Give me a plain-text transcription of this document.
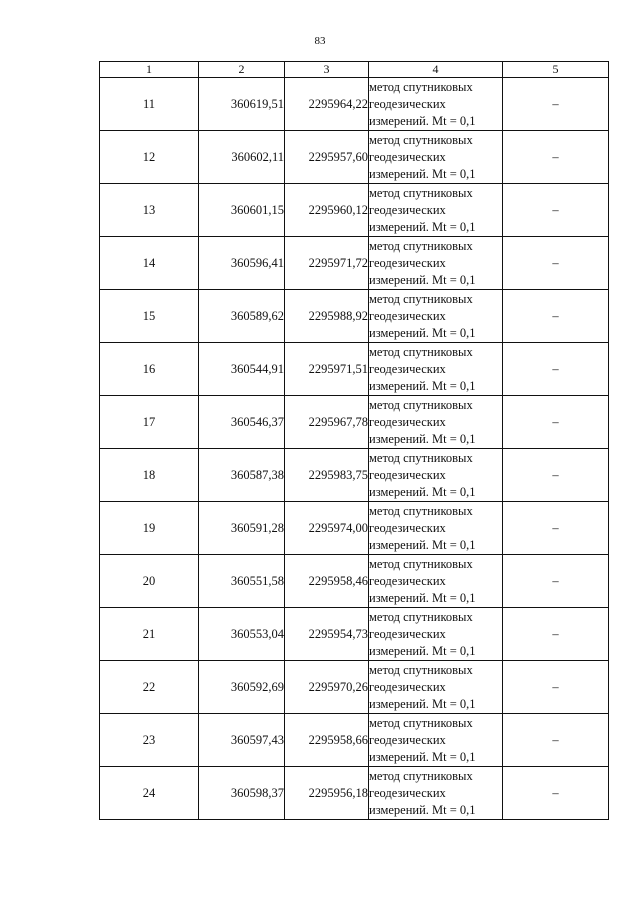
83
1	2	3	4	5
11	360619,51	2295964,22	метод спутниковых
геодезических
измерений. Mt = 0,1	–
12	360602,11	2295957,60	метод спутниковых
геодезических
измерений. Mt = 0,1	–
13	360601,15	2295960,12	метод спутниковых
геодезических
измерений. Mt = 0,1	–
14	360596,41	2295971,72	метод спутниковых
геодезических
измерений. Mt = 0,1	–
15	360589,62	2295988,92	метод спутниковых
геодезических
измерений. Mt = 0,1	–
16	360544,91	2295971,51	метод спутниковых
геодезических
измерений. Mt = 0,1	–
17	360546,37	2295967,78	метод спутниковых
геодезических
измерений. Mt = 0,1	–
18	360587,38	2295983,75	метод спутниковых
геодезических
измерений. Mt = 0,1	–
19	360591,28	2295974,00	метод спутниковых
геодезических
измерений. Mt = 0,1	–
20	360551,58	2295958,46	метод спутниковых
геодезических
измерений. Mt = 0,1	–
21	360553,04	2295954,73	метод спутниковых
геодезических
измерений. Mt = 0,1	–
22	360592,69	2295970,26	метод спутниковых
геодезических
измерений. Mt = 0,1	–
23	360597,43	2295958,66	метод спутниковых
геодезических
измерений. Mt = 0,1	–
24	360598,37	2295956,18	метод спутниковых
геодезических
измерений. Mt = 0,1	–
